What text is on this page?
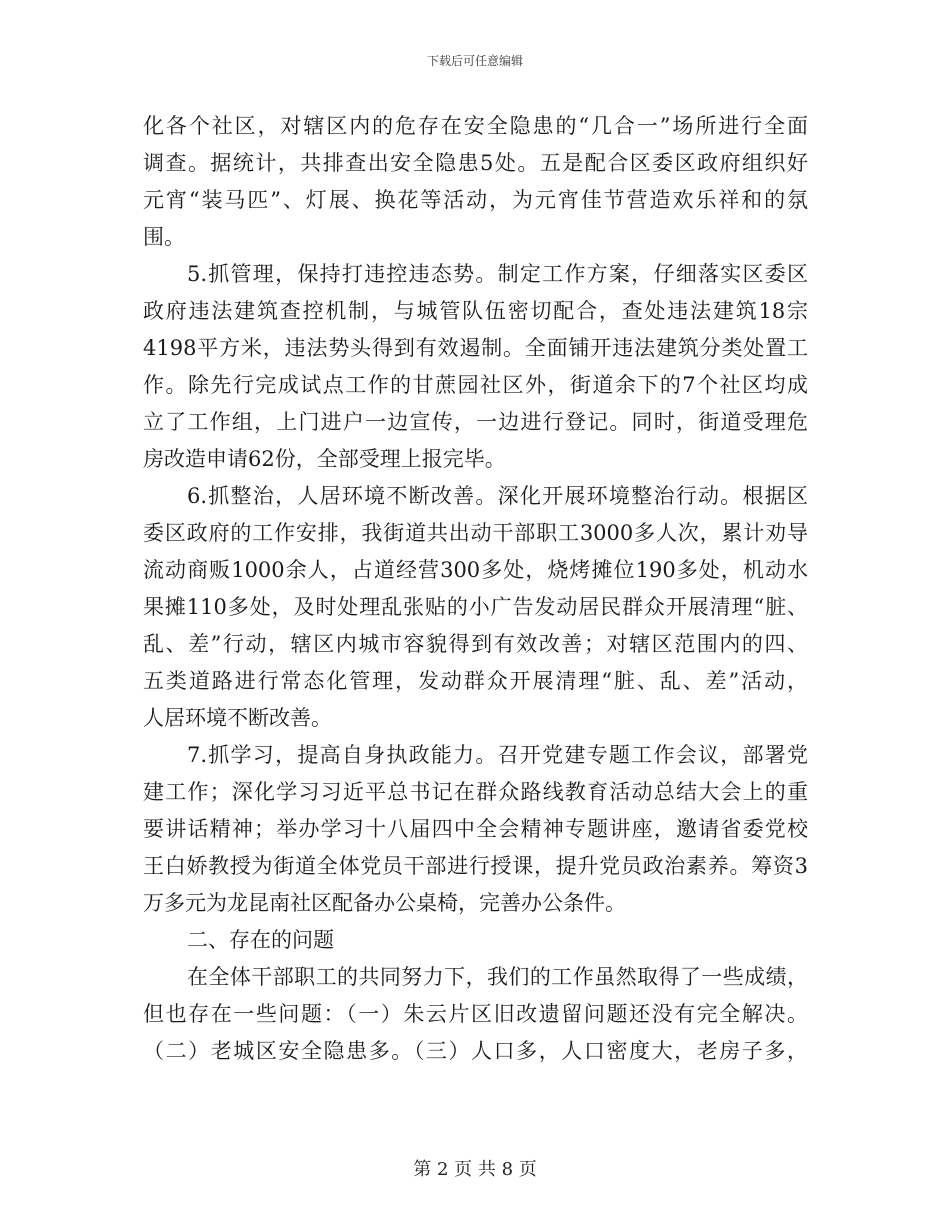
下载后可任意编辑
化各个社区，对辖区内的危存在安全隐患的“几合一”场所进行全面
调查。据统计，共排查出安全隐患5处。五是配合区委区政府组织好
元宵“装马匹”、灯展、换花等活动，为元宵佳节营造欢乐祥和的氛
围。
5.抓管理，保持打违控违态势。制定工作方案，仔细落实区委区
政府违法建筑查控机制，与城管队伍密切配合，查处违法建筑18宗
4198平方米，违法势头得到有效遏制。全面铺开违法建筑分类处置工
作。除先行完成试点工作的甘蔗园社区外，街道余下的7个社区均成
立了工作组，上门进户一边宣传，一边进行登记。同时，街道受理危
房改造申请62份，全部受理上报完毕。
6.抓整治，人居环境不断改善。深化开展环境整治行动。根据区
委区政府的工作安排，我街道共出动干部职工3000多人次，累计劝导
流动商贩1000余人，占道经营300多处，烧烤摊位190多处，机动水
果摊110多处，及时处理乱张贴的小广告发动居民群众开展清理“脏、
乱、差”行动，辖区内城市容貌得到有效改善；对辖区范围内的四、
五类道路进行常态化管理，发动群众开展清理“脏、乱、差”活动，
人居环境不断改善。
7.抓学习，提高自身执政能力。召开党建专题工作会议，部署党
建工作；深化学习习近平总书记在群众路线教育活动总结大会上的重
要讲话精神；举办学习十八届四中全会精神专题讲座，邀请省委党校
王白娇教授为街道全体党员干部进行授课，提升党员政治素养。筹资3
万多元为龙昆南社区配备办公桌椅，完善办公条件。
二、存在的问题
在全体干部职工的共同努力下，我们的工作虽然取得了一些成绩，
但也存在一些问题：（一）朱云片区旧改遗留问题还没有完全解决。
（二）老城区安全隐患多。（三）人口多，人口密度大，老房子多，
第 2 页 共 8 页
